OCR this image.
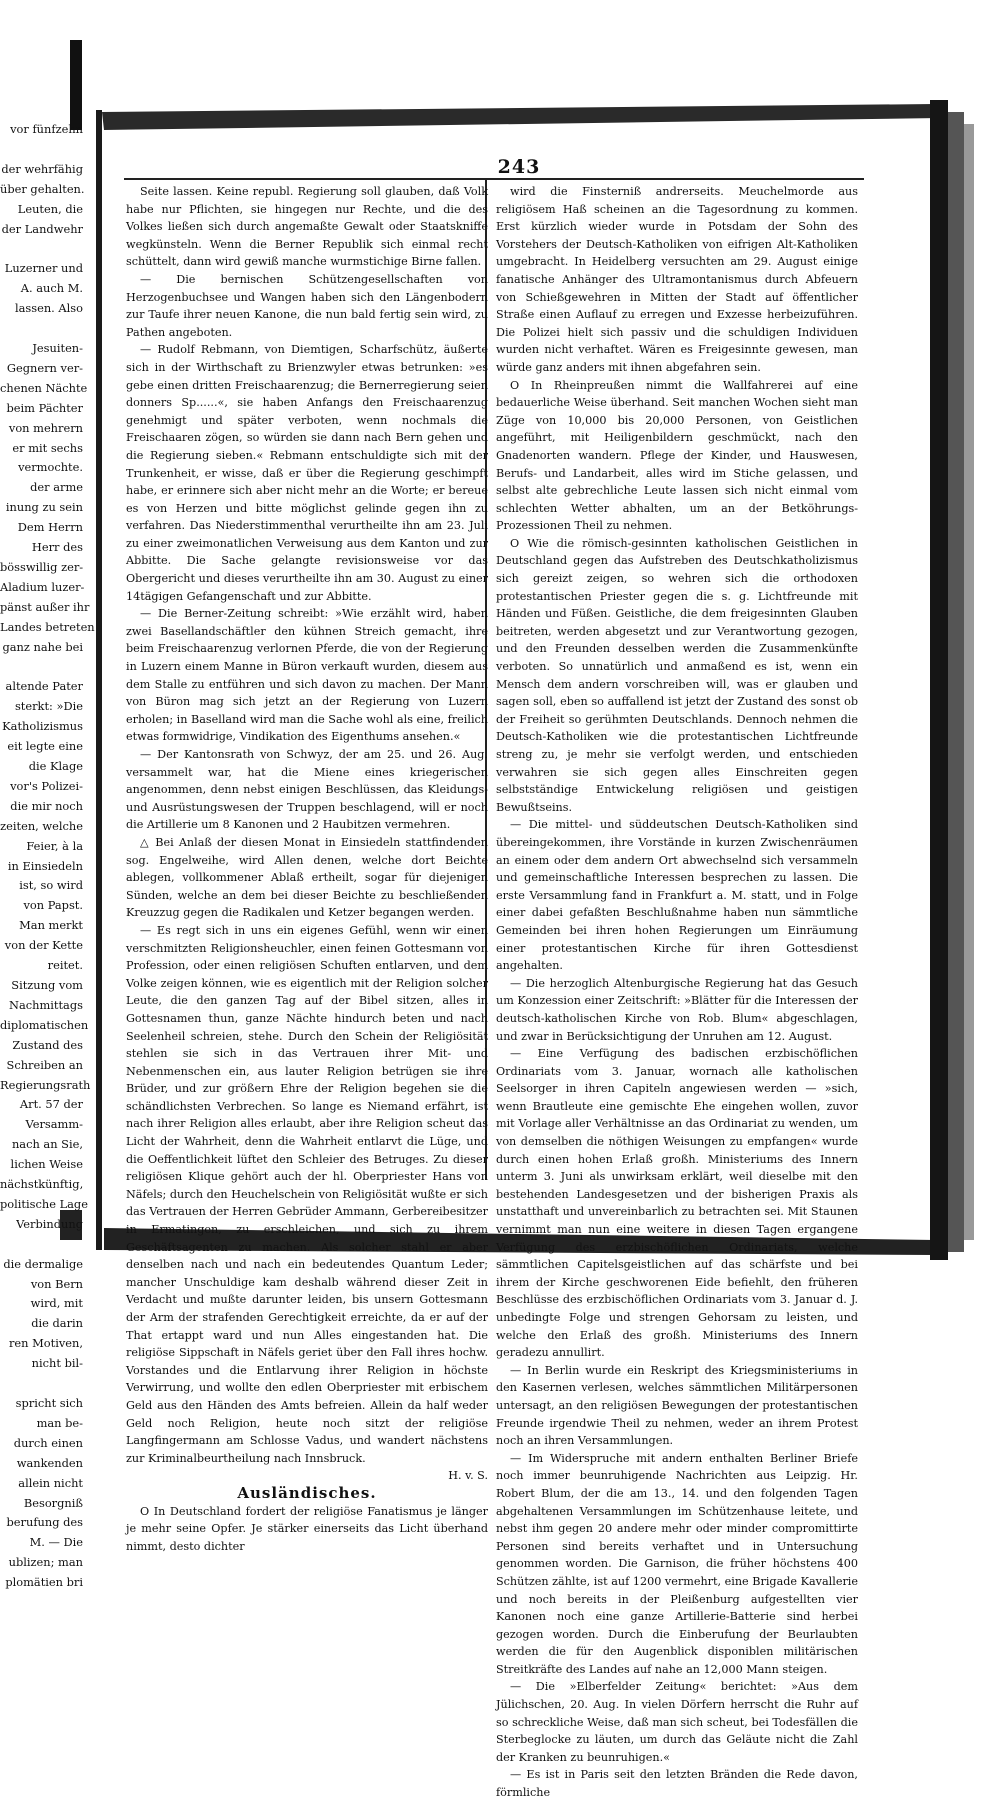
vor fünfzehn

der wehrfähig
über gehalten.
Leuten, die
der Landwehr

Luzerner und
A. auch M.
lassen. Also

Jesuiten-
Gegnern ver-
chenen Nächte
beim Pächter
von mehrern
er mit sechs
vermochte.
der arme
inung zu sein
Dem Herrn
Herr des
bösswillig zer-
Aladium luzer-
pänst außer ihr
Landes betreten
ganz nahe bei

altende Pater
sterkt: »Die
Katholizismus
eit legte eine
die Klage
vor's Polizei-
die mir noch
zeiten, welche
Feier, à la
in Einsiedeln
ist, so wird
von Papst.
Man merkt
von der Kette
reitet.
Sitzung vom
Nachmittags
diplomatischen
Zustand des
Schreiben an
Regierungsrath
Art. 57 der
Versamm-
nach an Sie,
lichen Weise
nächstkünftig,
politische Lage
Verbindung

die dermalige
von Bern
wird, mit
die darin
ren Motiven,
nicht bil-

spricht sich
man be-
durch einen
wankenden
allein nicht
Besorgniß
berufung des
M. — Die
ublizen; man
plomätien bri
243

Seite lassen. Keine republ. Regierung soll glauben, daß Volk habe nur Pflichten, sie hingegen nur Rechte, und die des Volkes ließen sich durch angemaßte Gewalt oder Staatskniffe wegkünsteln. Wenn die Berner Republik sich einmal recht schüttelt, dann wird gewiß manche wurmstichige Birne fallen.

— Die bernischen Schützengesellschaften von Herzogenbuchsee und Wangen haben sich den Längenbodern zur Taufe ihrer neuen Kanone, die nun bald fertig sein wird, zu Pathen angeboten.

— Rudolf Rebmann, von Diemtigen, Scharfschütz, äußerte sich in der Wirthschaft zu Brienzwyler etwas betrunken: »es gebe einen dritten Freischaarenzug; die Bernerregierung seien donners Sp......«, sie haben Anfangs den Freischaarenzug genehmigt und später verboten, wenn nochmals die Freischaaren zögen, so würden sie dann nach Bern gehen und die Regierung sieben.« Rebmann entschuldigte sich mit der Trunkenheit, er wisse, daß er über die Regierung geschimpft habe, er erinnere sich aber nicht mehr an die Worte; er bereue es von Herzen und bitte möglichst gelinde gegen ihn zu verfahren. Das Niederstimmenthal verurtheilte ihn am 23. Juli zu einer zweimonatlichen Verweisung aus dem Kanton und zur Abbitte. Die Sache gelangte revisionsweise vor das Obergericht und dieses verurtheilte ihn am 30. August zu einer 14tägigen Gefangenschaft und zur Abbitte.

— Die Berner-Zeitung schreibt: »Wie erzählt wird, haben zwei Basellandschäftler den kühnen Streich gemacht, ihre beim Freischaarenzug verlornen Pferde, die von der Regierung in Luzern einem Manne in Büron verkauft wurden, diesem aus dem Stalle zu entführen und sich davon zu machen. Der Mann von Büron mag sich jetzt an der Regierung von Luzern erholen; in Baselland wird man die Sache wohl als eine, freilich etwas formwidrige, Vindikation des Eigenthums ansehen.«

— Der Kantonsrath von Schwyz, der am 25. und 26. Aug. versammelt war, hat die Miene eines kriegerischen angenommen, denn nebst einigen Beschlüssen, das Kleidungs- und Ausrüstungswesen der Truppen beschlagend, will er noch die Artillerie um 8 Kanonen und 2 Haubitzen vermehren.

△ Bei Anlaß der diesen Monat in Einsiedeln stattfindenden sog. Engelweihe, wird Allen denen, welche dort Beichte ablegen, vollkommener Ablaß ertheilt, sogar für diejenigen Sünden, welche an dem bei dieser Beichte zu beschließenden Kreuzzug gegen die Radikalen und Ketzer begangen werden.

— Es regt sich in uns ein eigenes Gefühl, wenn wir einen verschmitzten Religionsheuchler, einen feinen Gottesmann von Profession, oder einen religiösen Schuften entlarven, und dem Volke zeigen können, wie es eigentlich mit der Religion solcher Leute, die den ganzen Tag auf der Bibel sitzen, alles in Gottesnamen thun, ganze Nächte hindurch beten und nach Seelenheil schreien, stehe. Durch den Schein der Religiösität stehlen sie sich in das Vertrauen ihrer Mit- und Nebenmenschen ein, aus lauter Religion betrügen sie ihre Brüder, und zur größern Ehre der Religion begehen sie die schändlichsten Verbrechen. So lange es Niemand erfährt, ist nach ihrer Religion alles erlaubt, aber ihre Religion scheut das Licht der Wahrheit, denn die Wahrheit entlarvt die Lüge, und die Oeffentlichkeit lüftet den Schleier des Betruges. Zu dieser religiösen Klique gehört auch der hl. Oberpriester Hans von Näfels; durch den Heuchelschein von Religiösität wußte er sich das Vertrauen der Herren Gebrüder Ammann, Gerbereibesitzer in Ermatingen, zu erschleichen, und sich zu ihrem Geschäftsagenten zu machen. Als solcher stahl er aber denselben nach und nach ein bedeutendes Quantum Leder; mancher Unschuldige kam deshalb während dieser Zeit in Verdacht und mußte darunter leiden, bis unsern Gottesmann der Arm der strafenden Gerechtigkeit erreichte, da er auf der That ertappt ward und nun Alles eingestanden hat. Die religiöse Sippschaft in Näfels geriet über den Fall ihres hochw. Vorstandes und die Entlarvung ihrer Religion in höchste Verwirrung, und wollte den edlen Oberpriester mit erbischem Geld aus den Händen des Amts befreien. Allein da half weder Geld noch Religion, heute noch sitzt der religiöse Langfingermann am Schlosse Vadus, und wandert nächstens zur Kriminalbeurtheilung nach Innsbruck.

H. v. S.

Ausländisches.

O In Deutschland fordert der religiöse Fanatismus je länger je mehr seine Opfer. Je stärker einerseits das Licht überhand nimmt, desto dichter

wird die Finsterniß andrerseits. Meuchelmorde aus religiösem Haß scheinen an die Tagesordnung zu kommen. Erst kürzlich wieder wurde in Potsdam der Sohn des Vorstehers der Deutsch-Katholiken von eifrigen Alt-Katholiken umgebracht. In Heidelberg versuchten am 29. August einige fanatische Anhänger des Ultramontanismus durch Abfeuern von Schießgewehren in Mitten der Stadt auf öffentlicher Straße einen Auflauf zu erregen und Exzesse herbeizuführen. Die Polizei hielt sich passiv und die schuldigen Individuen wurden nicht verhaftet. Wären es Freigesinnte gewesen, man würde ganz anders mit ihnen abgefahren sein.

O In Rheinpreußen nimmt die Wallfahrerei auf eine bedauerliche Weise überhand. Seit manchen Wochen sieht man Züge von 10,000 bis 20,000 Personen, von Geistlichen angeführt, mit Heiligenbildern geschmückt, nach den Gnadenorten wandern. Pflege der Kinder, und Hauswesen, Berufs- und Landarbeit, alles wird im Stiche gelassen, und selbst alte gebrechliche Leute lassen sich nicht einmal vom schlechten Wetter abhalten, um an der Betköhrungs-Prozessionen Theil zu nehmen.

O Wie die römisch-gesinnten katholischen Geistlichen in Deutschland gegen das Aufstreben des Deutschkatholizismus sich gereizt zeigen, so wehren sich die orthodoxen protestantischen Priester gegen die s. g. Lichtfreunde mit Händen und Füßen. Geistliche, die dem freigesinnten Glauben beitreten, werden abgesetzt und zur Verantwortung gezogen, und den Freunden desselben werden die Zusammenkünfte verboten. So unnatürlich und anmaßend es ist, wenn ein Mensch dem andern vorschreiben will, was er glauben und sagen soll, eben so auffallend ist jetzt der Zustand des sonst ob der Freiheit so gerühmten Deutschlands. Dennoch nehmen die Deutsch-Katholiken wie die protestantischen Lichtfreunde streng zu, je mehr sie verfolgt werden, und entschieden verwahren sie sich gegen alles Einschreiten gegen selbstständige Entwickelung religiösen und geistigen Bewußtseins.

— Die mittel- und süddeutschen Deutsch-Katholiken sind übereingekommen, ihre Vorstände in kurzen Zwischenräumen an einem oder dem andern Ort abwechselnd sich versammeln und gemeinschaftliche Interessen besprechen zu lassen. Die erste Versammlung fand in Frankfurt a. M. statt, und in Folge einer dabei gefaßten Beschlußnahme haben nun sämmtliche Gemeinden bei ihren hohen Regierungen um Einräumung einer protestantischen Kirche für ihren Gottesdienst angehalten.

— Die herzoglich Altenburgische Regierung hat das Gesuch um Konzession einer Zeitschrift: »Blätter für die Interessen der deutsch-katholischen Kirche von Rob. Blum« abgeschlagen, und zwar in Berücksichtigung der Unruhen am 12. August.

— Eine Verfügung des badischen erzbischöflichen Ordinariats vom 3. Januar, wornach alle katholischen Seelsorger in ihren Capiteln angewiesen werden — »sich, wenn Brautleute eine gemischte Ehe eingehen wollen, zuvor mit Vorlage aller Verhältnisse an das Ordinariat zu wenden, um von demselben die nöthigen Weisungen zu empfangen« wurde durch einen hohen Erlaß großh. Ministeriums des Innern unterm 3. Juni als unwirksam erklärt, weil dieselbe mit den bestehenden Landesgesetzen und der bisherigen Praxis als unstatthaft und unvereinbarlich zu betrachten sei. Mit Staunen vernimmt man nun eine weitere in diesen Tagen ergangene Verfügung des erzbischöflichen Ordinariats, welche sämmtlichen Capitelsgeistlichen auf das schärfste und bei ihrem der Kirche geschworenen Eide befiehlt, den früheren Beschlüsse des erzbischöflichen Ordinariats vom 3. Januar d. J. unbedingte Folge und strengen Gehorsam zu leisten, und welche den Erlaß des großh. Ministeriums des Innern geradezu annullirt.

— In Berlin wurde ein Reskript des Kriegsministeriums in den Kasernen verlesen, welches sämmtlichen Militärpersonen untersagt, an den religiösen Bewegungen der protestantischen Freunde irgendwie Theil zu nehmen, weder an ihrem Protest noch an ihren Versammlungen.

— Im Widerspruche mit andern enthalten Berliner Briefe noch immer beunruhigende Nachrichten aus Leipzig. Hr. Robert Blum, der die am 13., 14. und den folgenden Tagen abgehaltenen Versammlungen im Schützenhause leitete, und nebst ihm gegen 20 andere mehr oder minder compromittirte Personen sind bereits verhaftet und in Untersuchung genommen worden. Die Garnison, die früher höchstens 400 Schützen zählte, ist auf 1200 vermehrt, eine Brigade Kavallerie und noch bereits in der Pleißenburg aufgestellten vier Kanonen noch eine ganze Artillerie-Batterie sind herbei gezogen worden. Durch die Einberufung der Beurlaubten werden die für den Augenblick disponiblen militärischen Streitkräfte des Landes auf nahe an 12,000 Mann steigen.

— Die »Elberfelder Zeitung« berichtet: »Aus dem Jülichschen, 20. Aug. In vielen Dörfern herrscht die Ruhr auf so schreckliche Weise, daß man sich scheut, bei Todesfällen die Sterbeglocke zu läuten, um durch das Geläute nicht die Zahl der Kranken zu beunruhigen.«

— Es ist in Paris seit den letzten Bränden die Rede davon, förmliche
